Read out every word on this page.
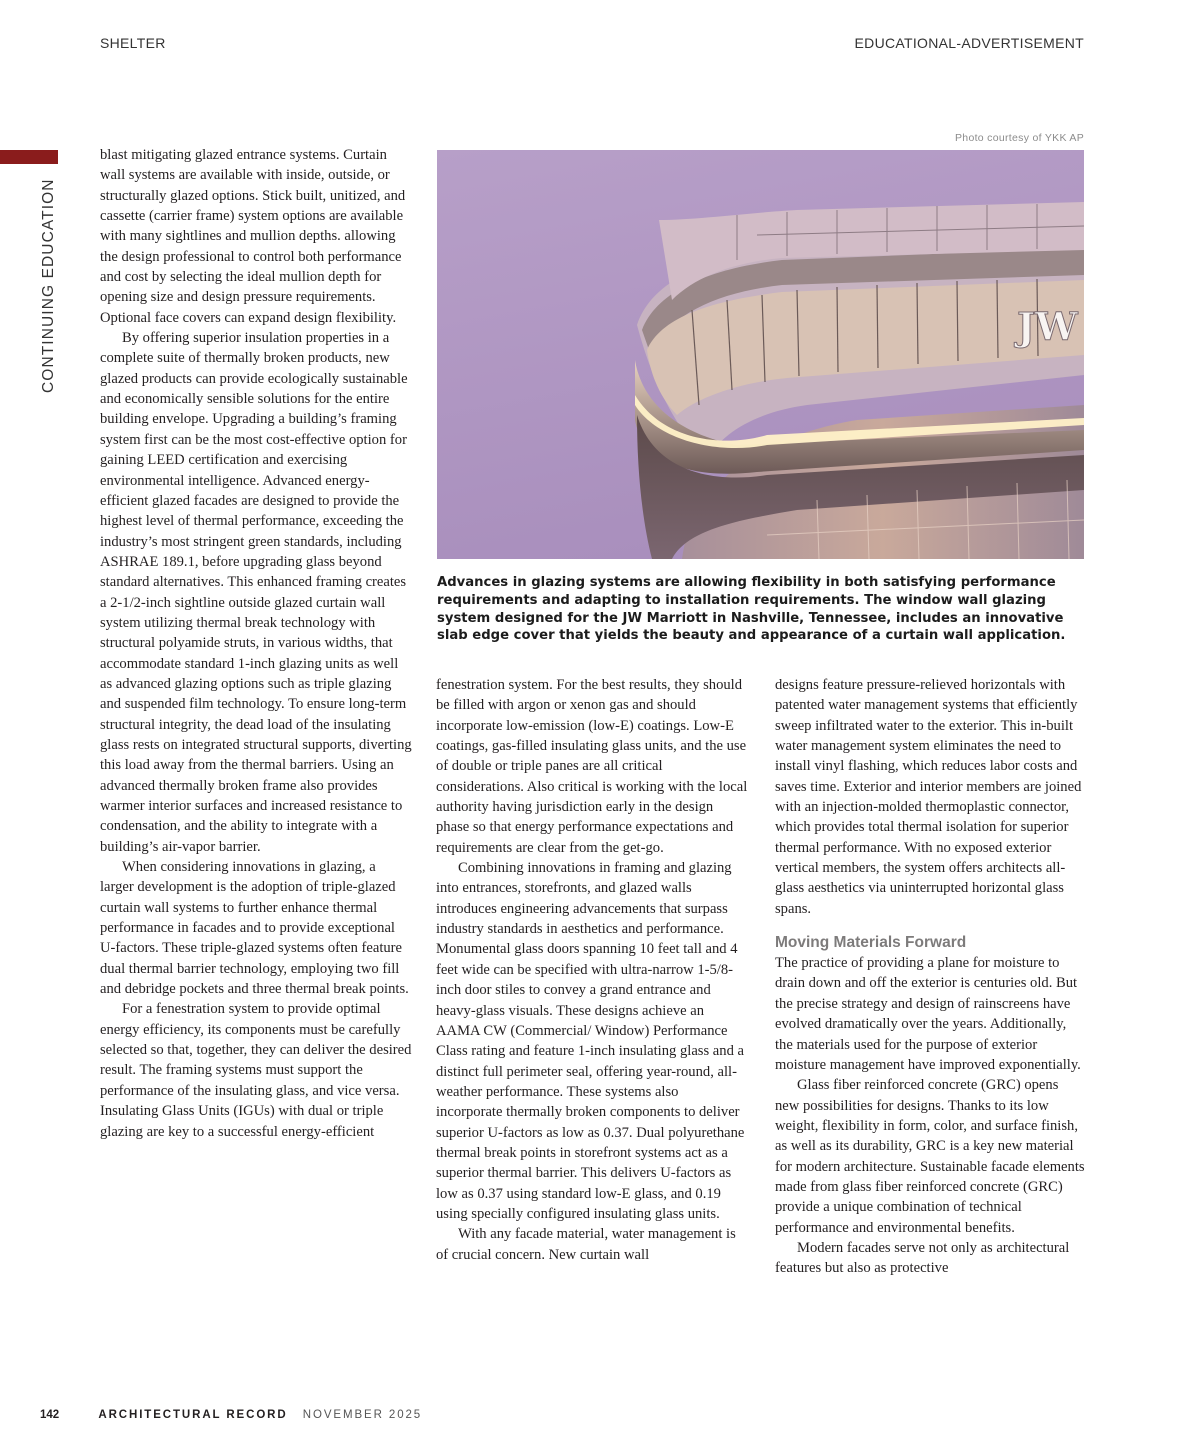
SHELTER	EDUCATIONAL-ADVERTISEMENT
CONTINUING EDUCATION

blast mitigating glazed entrance systems. Curtain wall systems are available with inside, outside, or structurally glazed options. Stick built, unitized, and cassette (carrier frame) system options are available with many sightlines and mullion depths. allowing the design professional to control both performance and cost by selecting the ideal mullion depth for opening size and design pressure requirements. Optional face covers can expand design flexibility.

By offering superior insulation properties in a complete suite of thermally broken products, new glazed products can provide ecologically sustainable and economically sensible solutions for the entire building envelope. Upgrading a building’s framing system first can be the most cost-effective option for gaining LEED certification and exercising environmental intelligence. Advanced energy-efficient glazed facades are designed to provide the highest level of thermal performance, exceeding the industry’s most stringent green standards, including ASHRAE 189.1, before upgrading glass beyond standard alternatives. This enhanced framing creates a 2-1/2-inch sightline outside glazed curtain wall system utilizing thermal break technology with structural polyamide struts, in various widths, that accommodate standard 1-inch glazing units as well as advanced glazing options such as triple glazing and suspended film technology. To ensure long-term structural integrity, the dead load of the insulating glass rests on integrated structural supports, diverting this load away from the thermal barriers. Using an advanced thermally broken frame also provides warmer interior surfaces and increased resistance to condensation, and the ability to integrate with a building’s air-vapor barrier.

When considering innovations in glazing, a larger development is the adoption of triple-glazed curtain wall systems to further enhance thermal performance in facades and to provide exceptional U-factors. These triple-glazed systems often feature dual thermal barrier technology, employing two fill and debridge pockets and three thermal break points.

For a fenestration system to provide optimal energy efficiency, its components must be carefully selected so that, together, they can deliver the desired result. The framing systems must support the performance of the insulating glass, and vice versa. Insulating Glass Units (IGUs) with dual or triple glazing are key to a successful energy-efficient

Photo courtesy of YKK AP
JW
Advances in glazing systems are allowing flexibility in both satisfying performance requirements and adapting to installation requirements. The window wall glazing system designed for the JW Marriott in Nashville, Tennessee, includes an innovative slab edge cover that yields the beauty and appearance of a curtain wall application.

fenestration system. For the best results, they should be filled with argon or xenon gas and should incorporate low-emission (low-E) coatings. Low-E coatings, gas-filled insulating glass units, and the use of double or triple panes are all critical considerations. Also critical is working with the local authority having jurisdiction early in the design phase so that energy performance expectations and requirements are clear from the get-go.

Combining innovations in framing and glazing into entrances, storefronts, and glazed walls introduces engineering advancements that surpass industry standards in aesthetics and performance. Monumental glass doors spanning 10 feet tall and 4 feet wide can be specified with ultra-narrow 1-5/8-inch door stiles to convey a grand entrance and heavy-glass visuals. These designs achieve an AAMA CW (Commercial/ Window) Performance Class rating and feature 1-inch insulating glass and a distinct full perimeter seal, offering year-round, all-weather performance. These systems also incorporate thermally broken components to deliver superior U-factors as low as 0.37. Dual polyurethane thermal break points in storefront systems act as a superior thermal barrier. This delivers U-factors as low as 0.37 using standard low-E glass, and 0.19 using specially configured insulating glass units.

With any facade material, water management is of crucial concern. New curtain wall

designs feature pressure-relieved horizontals with patented water management systems that efficiently sweep infiltrated water to the exterior. This in-built water management system eliminates the need to install vinyl flashing, which reduces labor costs and saves time. Exterior and interior members are joined with an injection-molded thermoplastic connector, which provides total thermal isolation for superior thermal performance. With no exposed exterior vertical members, the system offers architects all-glass aesthetics via uninterrupted horizontal glass spans.

Moving Materials Forward

The practice of providing a plane for moisture to drain down and off the exterior is centuries old. But the precise strategy and design of rainscreens have evolved dramatically over the years. Additionally, the materials used for the purpose of exterior moisture management have improved exponentially.

Glass fiber reinforced concrete (GRC) opens new possibilities for designs. Thanks to its low weight, flexibility in form, color, and surface finish, as well as its durability, GRC is a key new material for modern architecture. Sustainable facade elements made from glass fiber reinforced concrete (GRC) provide a unique combination of technical performance and environmental benefits.

Modern facades serve not only as architectural features but also as protective

142	ARCHITECTURAL RECORD NOVEMBER 2025
